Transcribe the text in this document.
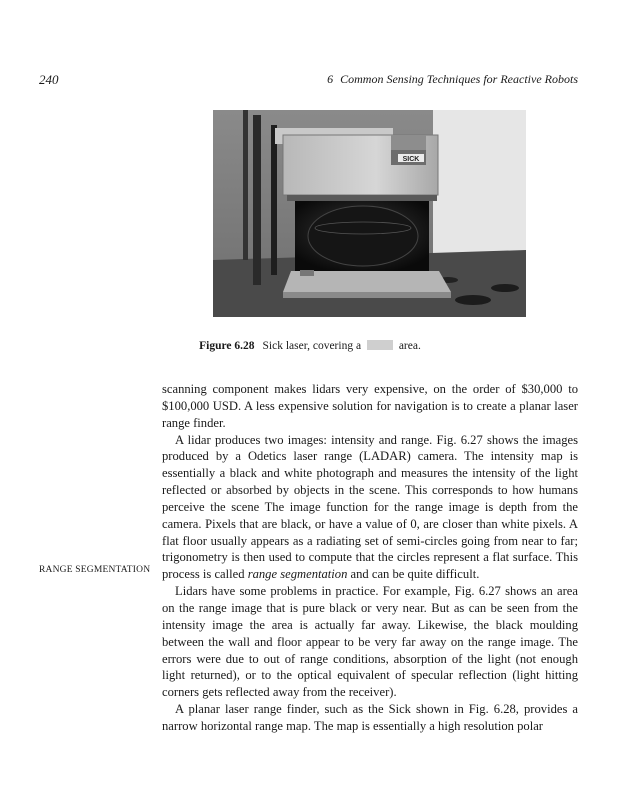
240	6 Common Sensing Techniques for Reactive Robots
SICK
Figure 6.28 Sick laser, covering a	area.
RANGE SEGMENTATION

scanning component makes lidars very expensive, on the order of $30,000 to $100,000 USD. A less expensive solution for navigation is to create a planar laser range finder.

A lidar produces two images: intensity and range. Fig. 6.27 shows the images produced by a Odetics laser range (LADAR) camera. The intensity map is essentially a black and white photograph and measures the intensity of the light reflected or absorbed by objects in the scene. This corresponds to how humans perceive the scene The image function for the range image is depth from the camera. Pixels that are black, or have a value of 0, are closer than white pixels. A flat floor usually appears as a radiating set of semi-circles going from near to far; trigonometry is then used to compute that the circles represent a flat surface. This process is called range segmentation and can be quite difficult.

Lidars have some problems in practice. For example, Fig. 6.27 shows an area on the range image that is pure black or very near. But as can be seen from the intensity image the area is actually far away. Likewise, the black moulding between the wall and floor appear to be very far away on the range image. The errors were due to out of range conditions, absorption of the light (not enough light returned), or to the optical equivalent of specular reflection (light hitting corners gets reflected away from the receiver).

A planar laser range finder, such as the Sick shown in Fig. 6.28, provides a narrow horizontal range map. The map is essentially a high resolution polar
